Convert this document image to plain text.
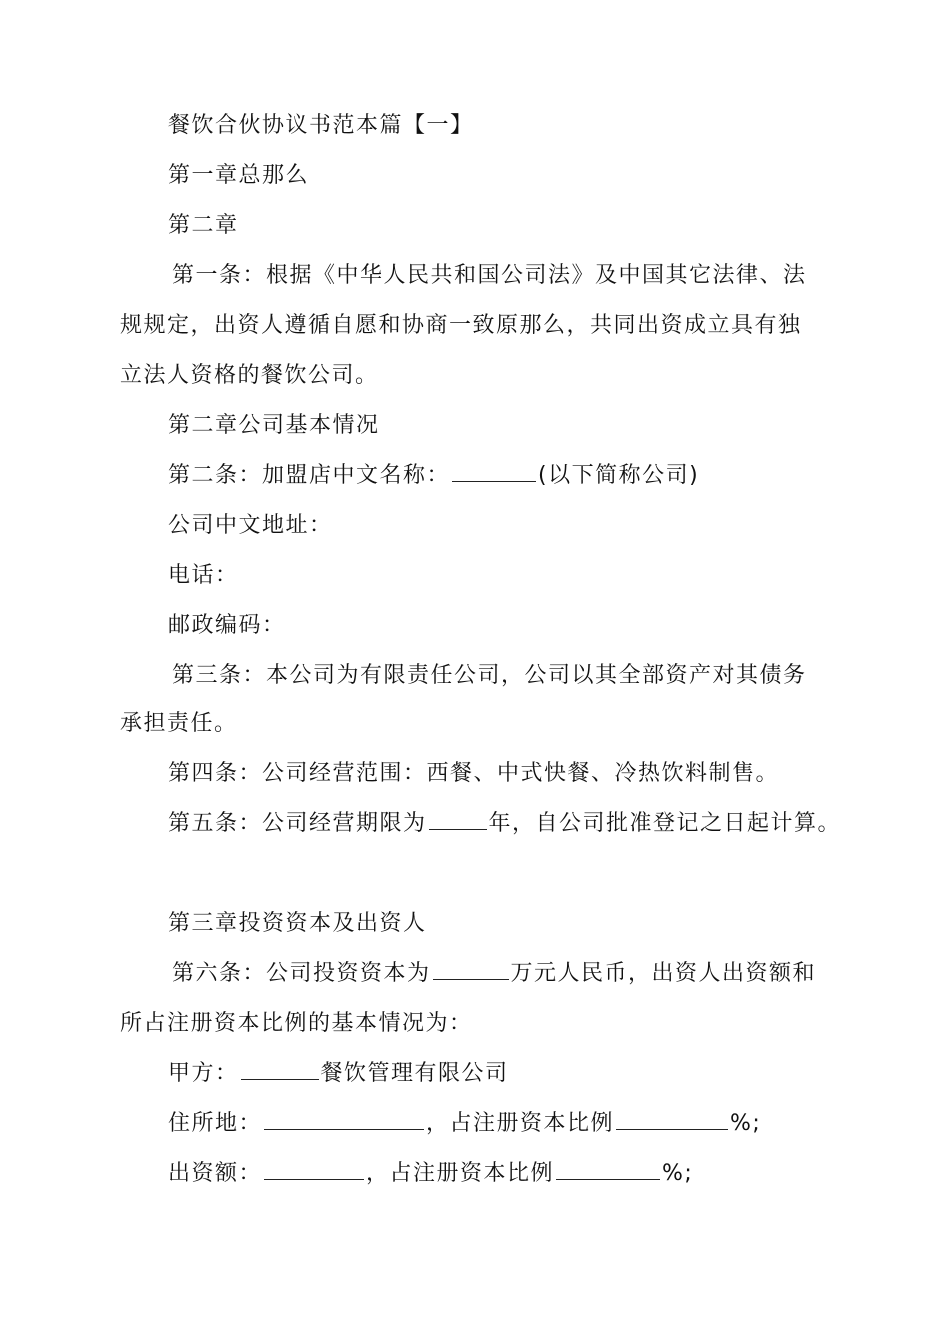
餐饮合伙协议书范本篇【一】
第一章总那么
第二章
第一条：根据《中华人民共和国公司法》及中国其它法律、法
规规定，出资人遵循自愿和协商一致原那么，共同出资成立具有独
立法人资格的餐饮公司。
第二章公司基本情况
第二条：加盟店中文名称：	(以下简称公司)
公司中文地址：
电话：
邮政编码：
第三条：本公司为有限责任公司，公司以其全部资产对其债务
承担责任。
第四条：公司经营范围：西餐、中式快餐、冷热饮料制售。
第五条：公司经营期限为	年，自公司批准登记之日起计算。
第三章投资资本及出资人
第六条：公司投资资本为	万元人民币，出资人出资额和
所占注册资本比例的基本情况为：
甲方：	餐饮管理有限公司
住所地：	，占注册资本比例	%;
出资额：	，占注册资本比例	%;
